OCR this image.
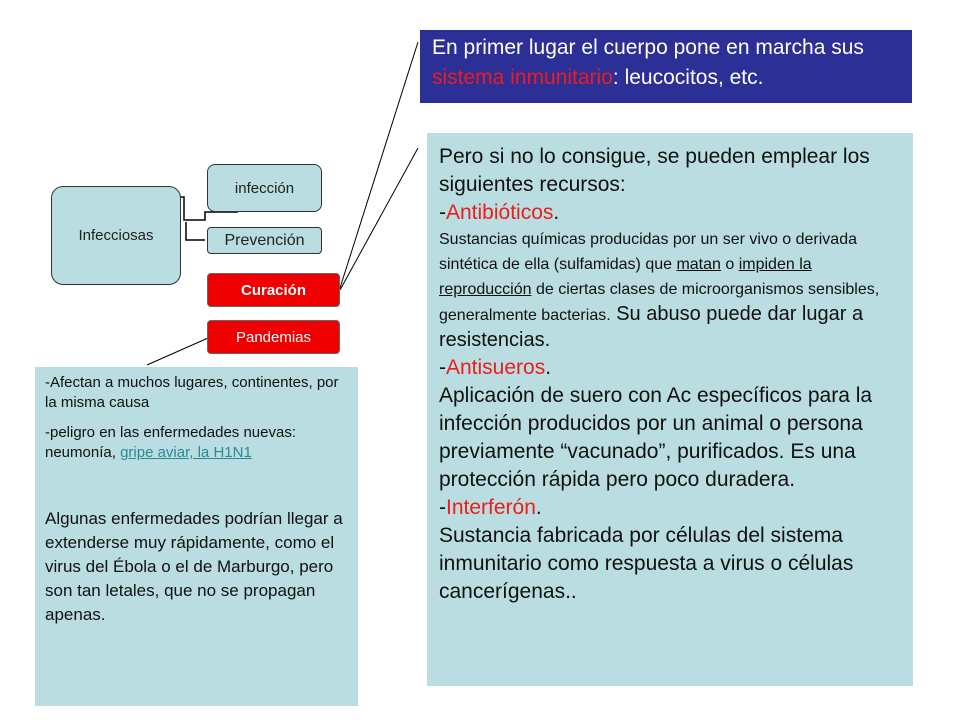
Infecciosas
infección
Prevención
Curación
Pandemias
En primer lugar el cuerpo pone en marcha sus sistema inmunitario: leucocitos, etc.
Pero si no lo consigue, se pueden emplear los siguientes recursos:
-Antibióticos.
Sustancias químicas producidas por un ser vivo o derivada sintética de ella (sulfamidas) que matan o impiden la reproducción de ciertas clases de microorganismos sensibles, generalmente bacterias. Su abuso puede dar lugar a resistencias.
-Antisueros.
Aplicación de suero con Ac específicos para la infección producidos por un animal o persona previamente “vacunado”, purificados. Es una protección rápida pero poco duradera.
-Interferón.
Sustancia fabricada por células del sistema inmunitario como respuesta a virus o células cancerígenas..
-Afectan a muchos lugares, continentes, por la misma causa
-peligro en las enfermedades nuevas: neumonía, gripe aviar, la H1N1
Algunas enfermedades podrían llegar a extenderse muy rápidamente, como el virus del Ébola o el de Marburgo, pero son tan letales, que no se propagan apenas.
